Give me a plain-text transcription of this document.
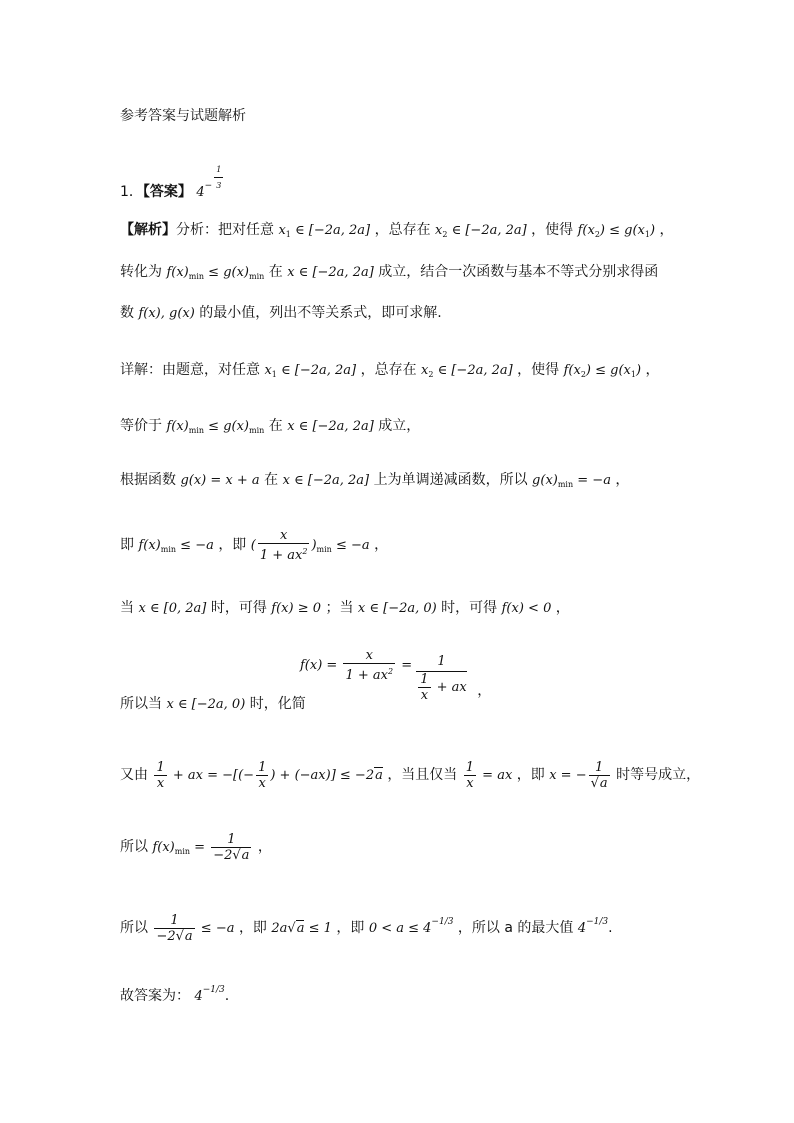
参考答案与试题解析
1．【答案】 $4^{- \frac{1}{3}}$
【解析】分析：把对任意 $x_1$ ∈ [−2a, 2a] ，总存在 $x_2$ ∈ [−2a, 2a] ，使得 $f(x_2) \le g(x_1)$ ，
转化为 $f(x)_{min} \le g(x)_{min}$ 在 x ∈ [−2a, 2a] 成立，结合一次函数与基本不等式分别求得函
数 f(x), g(x) 的最小值，列出不等关系式，即可求解.
详解：由题意，对任意 $x_1$ ∈ [−2a, 2a] ，总存在 $x_2$ ∈ [−2a, 2a] ，使得 $f(x_2) \le g(x_1)$ ，
等价于 $f(x)_{min} \le g(x)_{min}$ 在 x ∈ [−2a, 2a] 成立，
根据函数 g(x) = x + a 在 x ∈ [−2a, 2a] 上为单调递减函数，所以 $g(x)_{min} = -a$ ，
即 $f(x)_{min} \le -a$ ，即 ( $\frac{x}{1 + ax^2} )_{min} \le -a$ ，
当 x ∈ [0, 2a] 时，可得 f(x) ≥ 0 ；当 x ∈ [−2a, 0) 时，可得 f(x) < 0 ，
所以当 x ∈ [−2a, 0) 时，化简
$f(x) = \frac{x}{1 + ax^2} = \frac{1}{\frac{1}{x} + ax}$ ，
又由 $\frac{1}{x}$ + ax = −[(− $\frac{1}{x}$ ) + (−ax)] ≤ −2a ，当且仅当 $\frac{1}{x}$ = ax ，即 x = − $\frac{1}{√a}$ 时等号成立，
所以 $f(x)_{min} = \frac{1}{-2√a}$ ，
所以 $\frac{1}{-2√a} \le -a$ ，即 2a√a ≤ 1 ，即 $0 < a \le 4^{-1/3}$ ，所以 a 的最大值 $4^{-1/3}$.
故答案为： $4^{-1/3}$.
